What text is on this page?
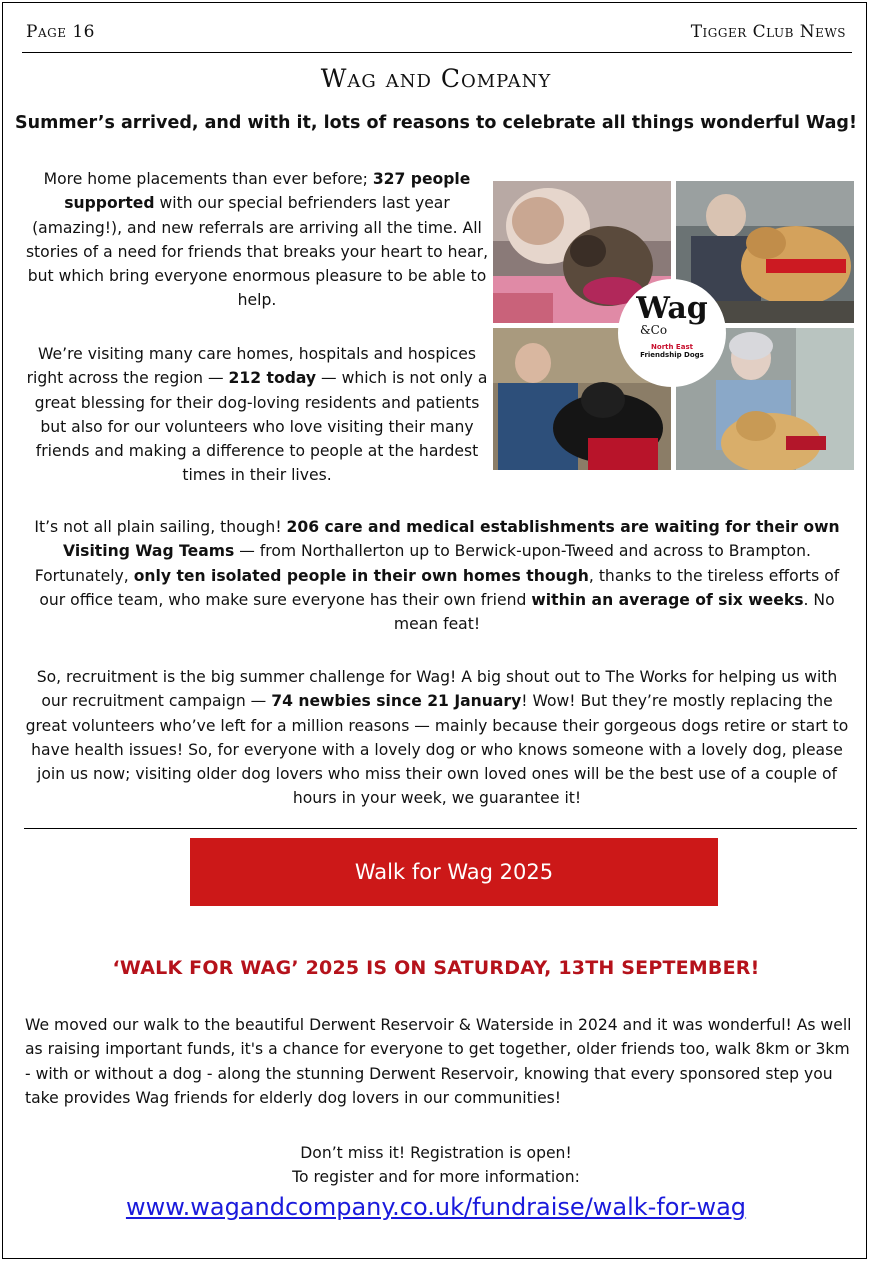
Page 16	Tigger Club News
Wag and Company
Summer’s arrived, and with it, lots of reasons to celebrate all things wonderful Wag!
More home placements than ever before; 327 people supported with our special befrienders last year (amazing!), and new referrals are arriving all the time. All stories of a need for friends that breaks your heart to hear, but which bring everyone enormous pleasure to be able to help.
We’re visiting many care homes, hospitals and hospices right across the region — 212 today — which is not only a great blessing for their dog-loving residents and patients but also for our volunteers who love visiting their many friends and making a difference to people at the hardest times in their lives.
Wag
&Co
North East
Friendship Dogs
It’s not all plain sailing, though! 206 care and medical establishments are waiting for their own Visiting Wag Teams — from Northallerton up to Berwick-upon-Tweed and across to Brampton. Fortunately, only ten isolated people in their own homes though, thanks to the tireless efforts of our office team, who make sure everyone has their own friend within an average of six weeks. No mean feat!
So, recruitment is the big summer challenge for Wag! A big shout out to The Works for helping us with our recruitment campaign — 74 newbies since 21 January! Wow! But they’re mostly replacing the great volunteers who’ve left for a million reasons — mainly because their gorgeous dogs retire or start to have health issues! So, for everyone with a lovely dog or who knows someone with a lovely dog, please join us now; visiting older dog lovers who miss their own loved ones will be the best use of a couple of hours in your week, we guarantee it!
Walk for Wag 2025
‘WALK FOR WAG’ 2025 IS ON SATURDAY, 13TH SEPTEMBER!
We moved our walk to the beautiful Derwent Reservoir & Waterside in 2024 and it was wonderful! As well as raising important funds, it's a chance for everyone to get together, older friends too, walk 8km or 3km - with or without a dog - along the stunning Derwent Reservoir, knowing that every sponsored step you take provides Wag friends for elderly dog lovers in our communities!
Don’t miss it! Registration is open!
To register and for more information:
www.wagandcompany.co.uk/fundraise/walk-for-wag
